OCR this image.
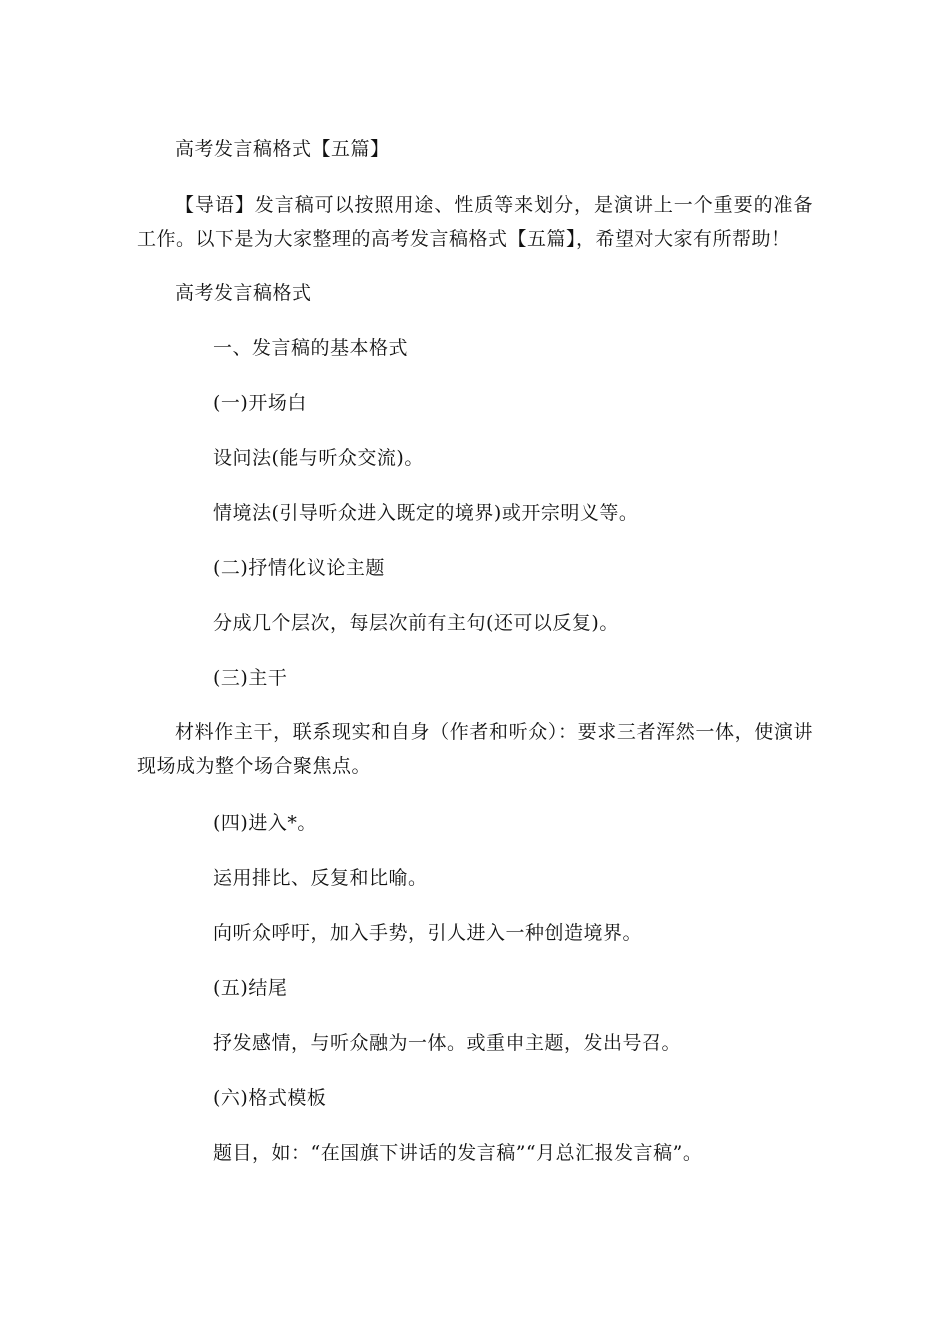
高考发言稿格式【五篇】
【导语】发言稿可以按照用途、性质等来划分，是演讲上一个重要的准备工作。以下是为大家整理的高考发言稿格式【五篇】，希望对大家有所帮助！
高考发言稿格式
一、发言稿的基本格式
(一)开场白
设问法(能与听众交流)。
情境法(引导听众进入既定的境界)或开宗明义等。
(二)抒情化议论主题
分成几个层次，每层次前有主句(还可以反复)。
(三)主干
材料作主干，联系现实和自身（作者和听众）：要求三者浑然一体，使演讲现场成为整个场合聚焦点。
(四)进入*。
运用排比、反复和比喻。
向听众呼吁，加入手势，引人进入一种创造境界。
(五)结尾
抒发感情，与听众融为一体。或重申主题，发出号召。
(六)格式模板
题目，如：“在国旗下讲话的发言稿”“月总汇报发言稿”。
